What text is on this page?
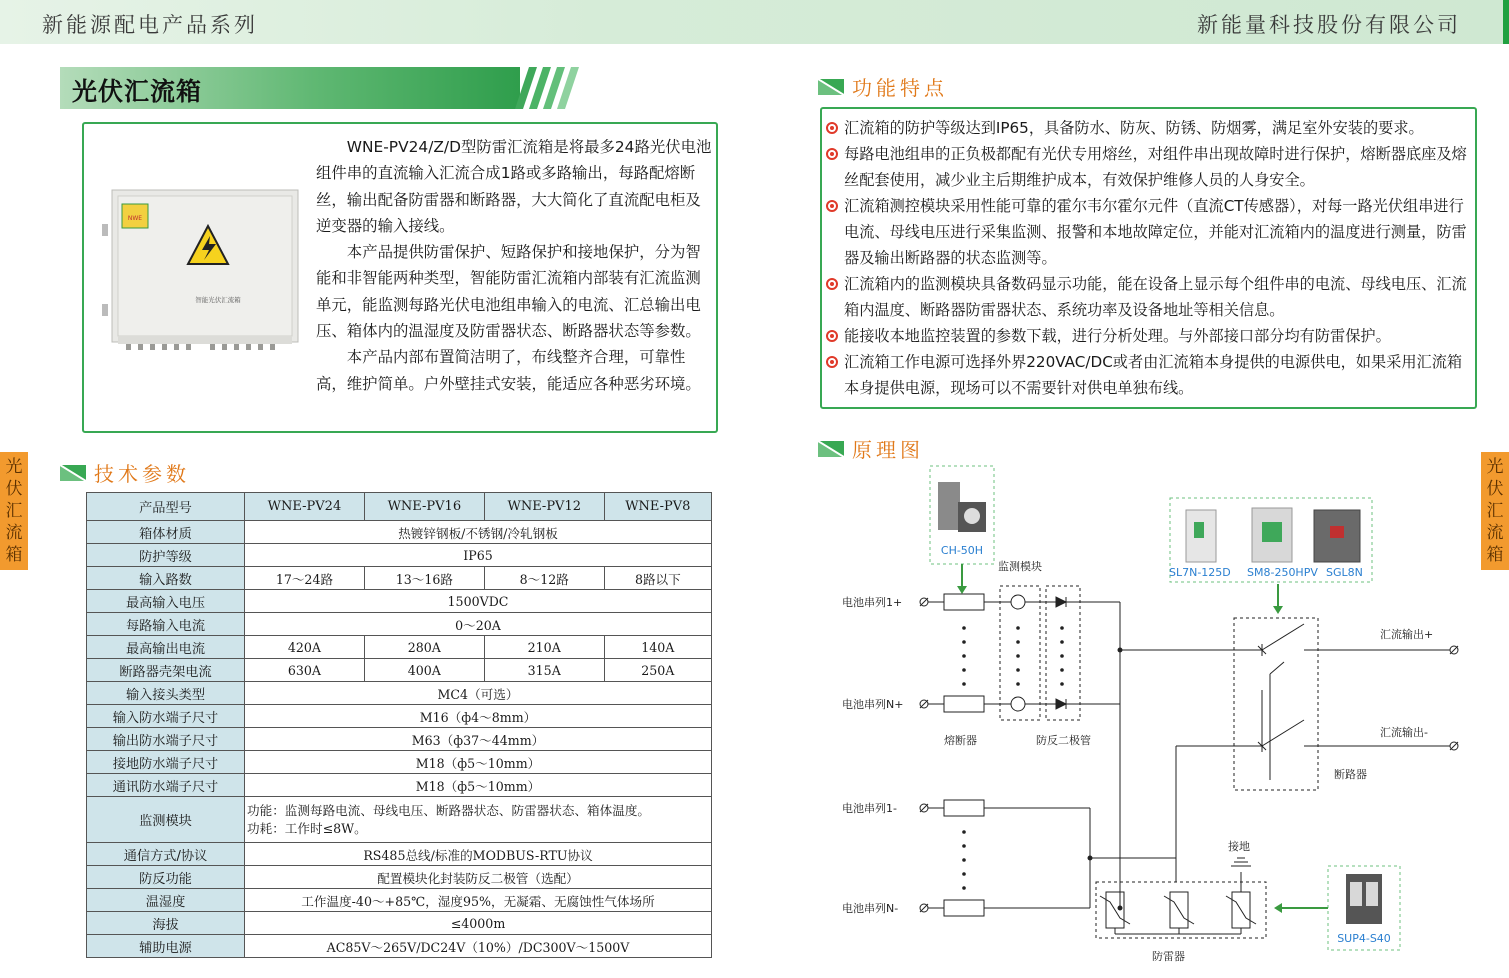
新能源配电产品系列	新能量科技股份有限公司
光
伏
汇
流
箱
光
伏
汇
流
箱
光伏汇流箱
NWE
智能光伏汇流箱

WNE-PV24/Z/D型防雷汇流箱是将最多24路光伏电池组件串的直流输入汇流合成1路或多路输出，每路配熔断丝，输出配备防雷器和断路器，大大简化了直流配电柜及逆变器的输入接线。

本产品提供防雷保护、短路保护和接地保护，分为智能和非智能两种类型，智能防雷汇流箱内部装有汇流监测单元，能监测每路光伏电池组串输入的电流、汇总输出电压、箱体内的温湿度及防雷器状态、断路器状态等参数。

本产品内部布置简洁明了，布线整齐合理，可靠性高，维护简单。户外壁挂式安装，能适应各种恶劣环境。

功能特点
汇流箱的防护等级达到IP65，具备防水、防灰、防锈、防烟雾，满足室外安装的要求。
每路电池组串的正负极都配有光伏专用熔丝，对组件串出现故障时进行保护，熔断器底座及熔丝配套使用，减少业主后期维护成本，有效保护维修人员的人身安全。
汇流箱测控模块采用性能可靠的霍尔韦尔霍尔元件（直流CT传感器），对每一路光伏组串进行电流、母线电压进行采集监测、报警和本地故障定位，并能对汇流箱内的温度进行测量，防雷器及输出断路器的状态监测等。
汇流箱内的监测模块具备数码显示功能，能在设备上显示每个组件串的电流、母线电压、汇流箱内温度、断路器防雷器状态、系统功率及设备地址等相关信息。
能接收本地监控装置的参数下载，进行分析处理。与外部接口部分均有防雷保护。
汇流箱工作电源可选择外界220VAC/DC或者由汇流箱本身提供的电源供电，如果采用汇流箱本身提供电源，现场可以不需要针对供电单独布线。
技术参数
产品型号	WNE-PV24	WNE-PV16	WNE-PV12	WNE-PV8
箱体材质	热镀锌钢板/不锈钢/冷轧钢板			
防护等级	IP65			
输入路数	17～24路	13～16路	8～12路	8路以下
最高输入电压	1500VDC			
每路输入电流	0～20A			
最高输出电流	420A	280A	210A	140A
断路器壳架电流	630A	400A	315A	250A
输入接头类型	MC4（可选）			
输入防水端子尺寸	M16（ф4～8mm）			
输出防水端子尺寸	M63（ф37～44mm）			
接地防水端子尺寸	M18（ф5～10mm）			
通讯防水端子尺寸	M18（ф5～10mm）			
监测模块	功能：监测每路电流、母线电压、断路器状态、防雷器状态、箱体温度。
功耗：工作时≤8W。			

通信方式/协议	RS485总线/标准的MODBUS-RTU协议			
防反功能	配置模块化封装防反二极管（选配）			
温湿度	工作温度-40～+85℃，湿度95%，无凝霜、无腐蚀性气体场所			
海拔	≤4000m			
辅助电源	AC85V～265V/DC24V（10%）/DC300V～1500V			
原理图
CH-50H
监测模块
电池串列1+
电池串列N+
熔断器	防反二极管
SL7N-125D SM8-250HPV SGL8N
汇流输出+
汇流输出-
断路器
电池串列1-
电池串列N-
接地
防雷器
SUP4-S40
